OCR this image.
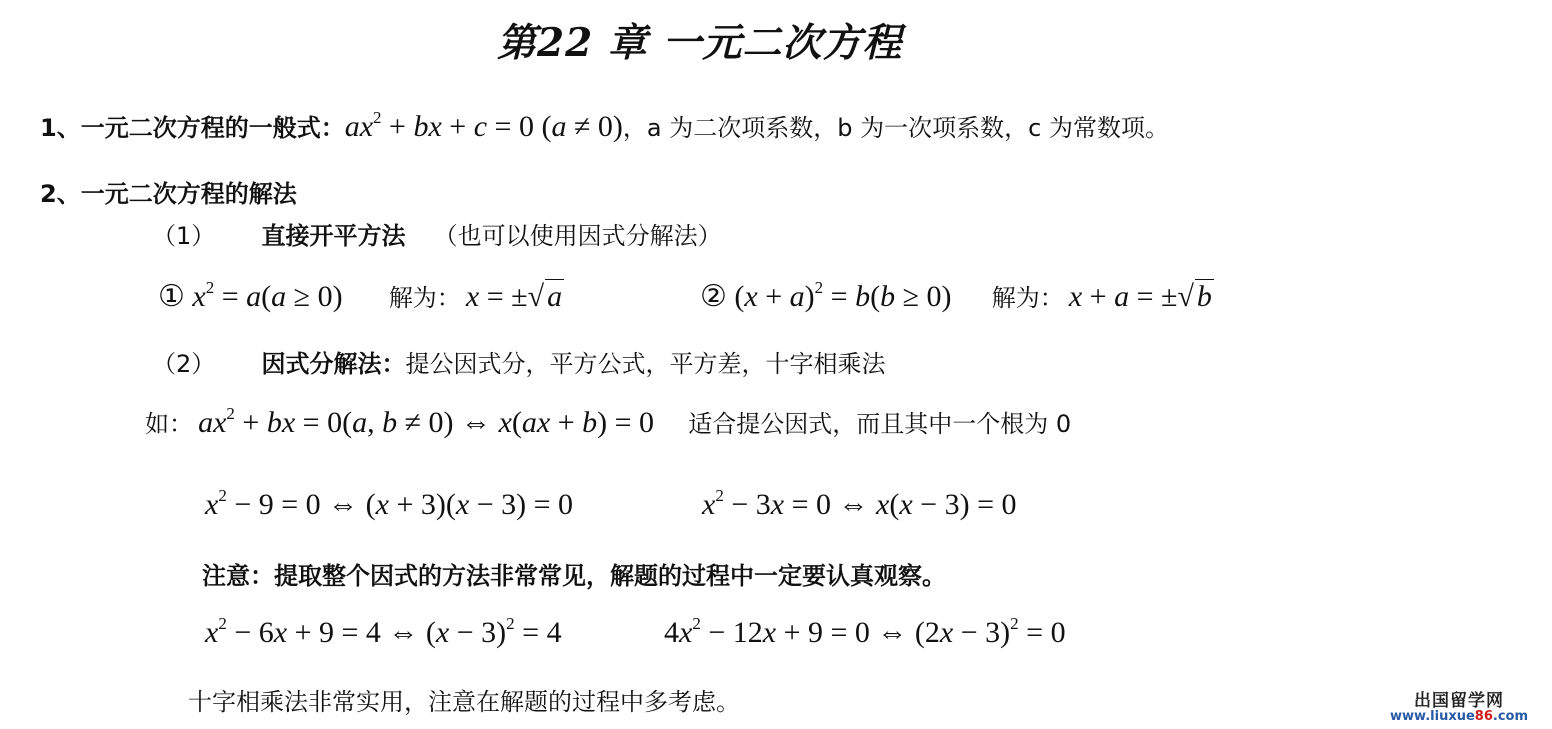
第22 章 一元二次方程
1、一元二次方程的一般式：$ax^2$ + bx + c = 0 (a ≠ 0)，a 为二次项系数，b 为一次项系数，c 为常数项。
2、一元二次方程的解法
（1） 直接开平方法 （也可以使用因式分解法）
① $x^2 = a(a \ge 0)$ 解为： x = ±√ a	② $(x + a)^2 = b(b \ge 0)$ 解为： x + a = ±√ b
（2） 因式分解法：提公因式分，平方公式，平方差，十字相乘法
如： $ax^2$ + bx = 0(a, b ≠ 0) ⇔ x(ax + b) = 0 适合提公因式，而且其中一个根为 0
$x^2 - 9 = 0$ ⇔ (x + 3)(x − 3) = 0	$x^2 - 3x = 0$ ⇔ x(x − 3) = 0
注意：提取整个因式的方法非常常见，解题的过程中一定要认真观察。
$x^2 - 6x + 9 = 4$ ⇔ $(x - 3)^2 = 4$	$4x^2 - 12x + 9 = 0$ ⇔ $(2x - 3)^2 = 0$
十字相乘法非常实用，注意在解题的过程中多考虑。	出国留学网
www.liuxue86.com
